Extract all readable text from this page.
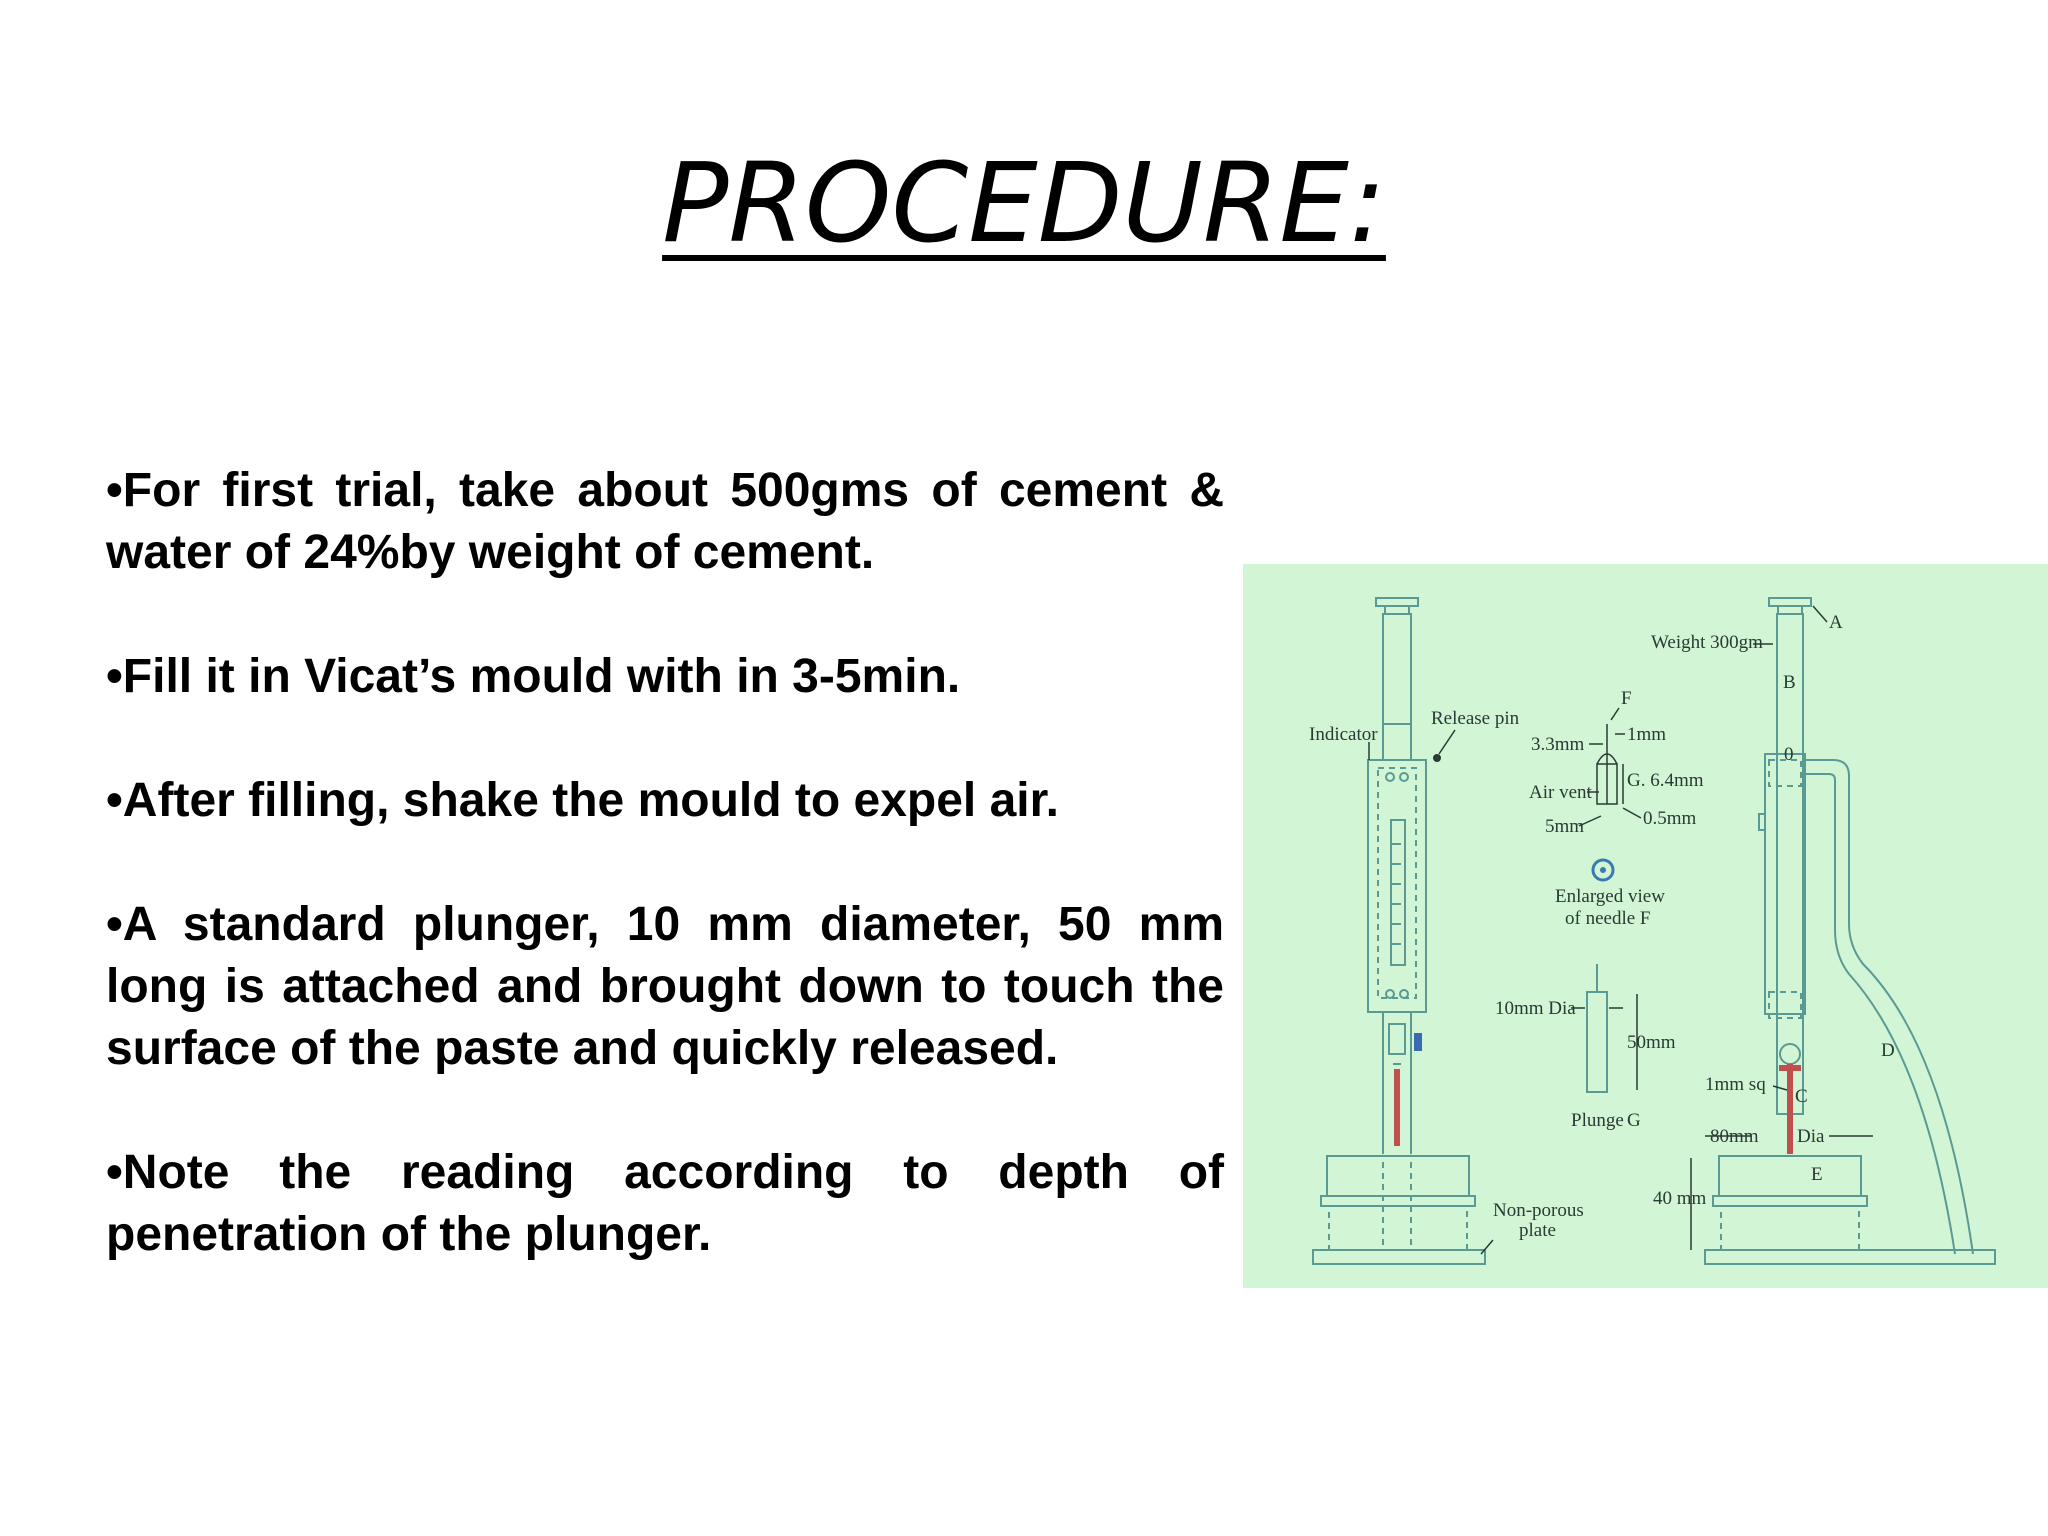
PROCEDURE:

•For first trial, take about 500gms of cement & water of 24%by weight of cement.

•Fill it in Vicat’s mould with in 3-5min.

•After filling, shake the mould to expel air.

•A standard plunger, 10 mm diameter, 50 mm long is attached and brought down to touch the surface of the paste and quickly released.

•Note the reading according to depth of penetration of the plunger.

Indicator
Release pin
F
3.3mm 1mm
Air vent
G. 6.4mm
5mm	0.5mm
Enlarged view
of needle F
10mm Dia
50mm
Plunge G
Weight 300gm
A
B
0
D
1mm sq
C
80mm Dia
E
40 mm
Non-porous
plate
